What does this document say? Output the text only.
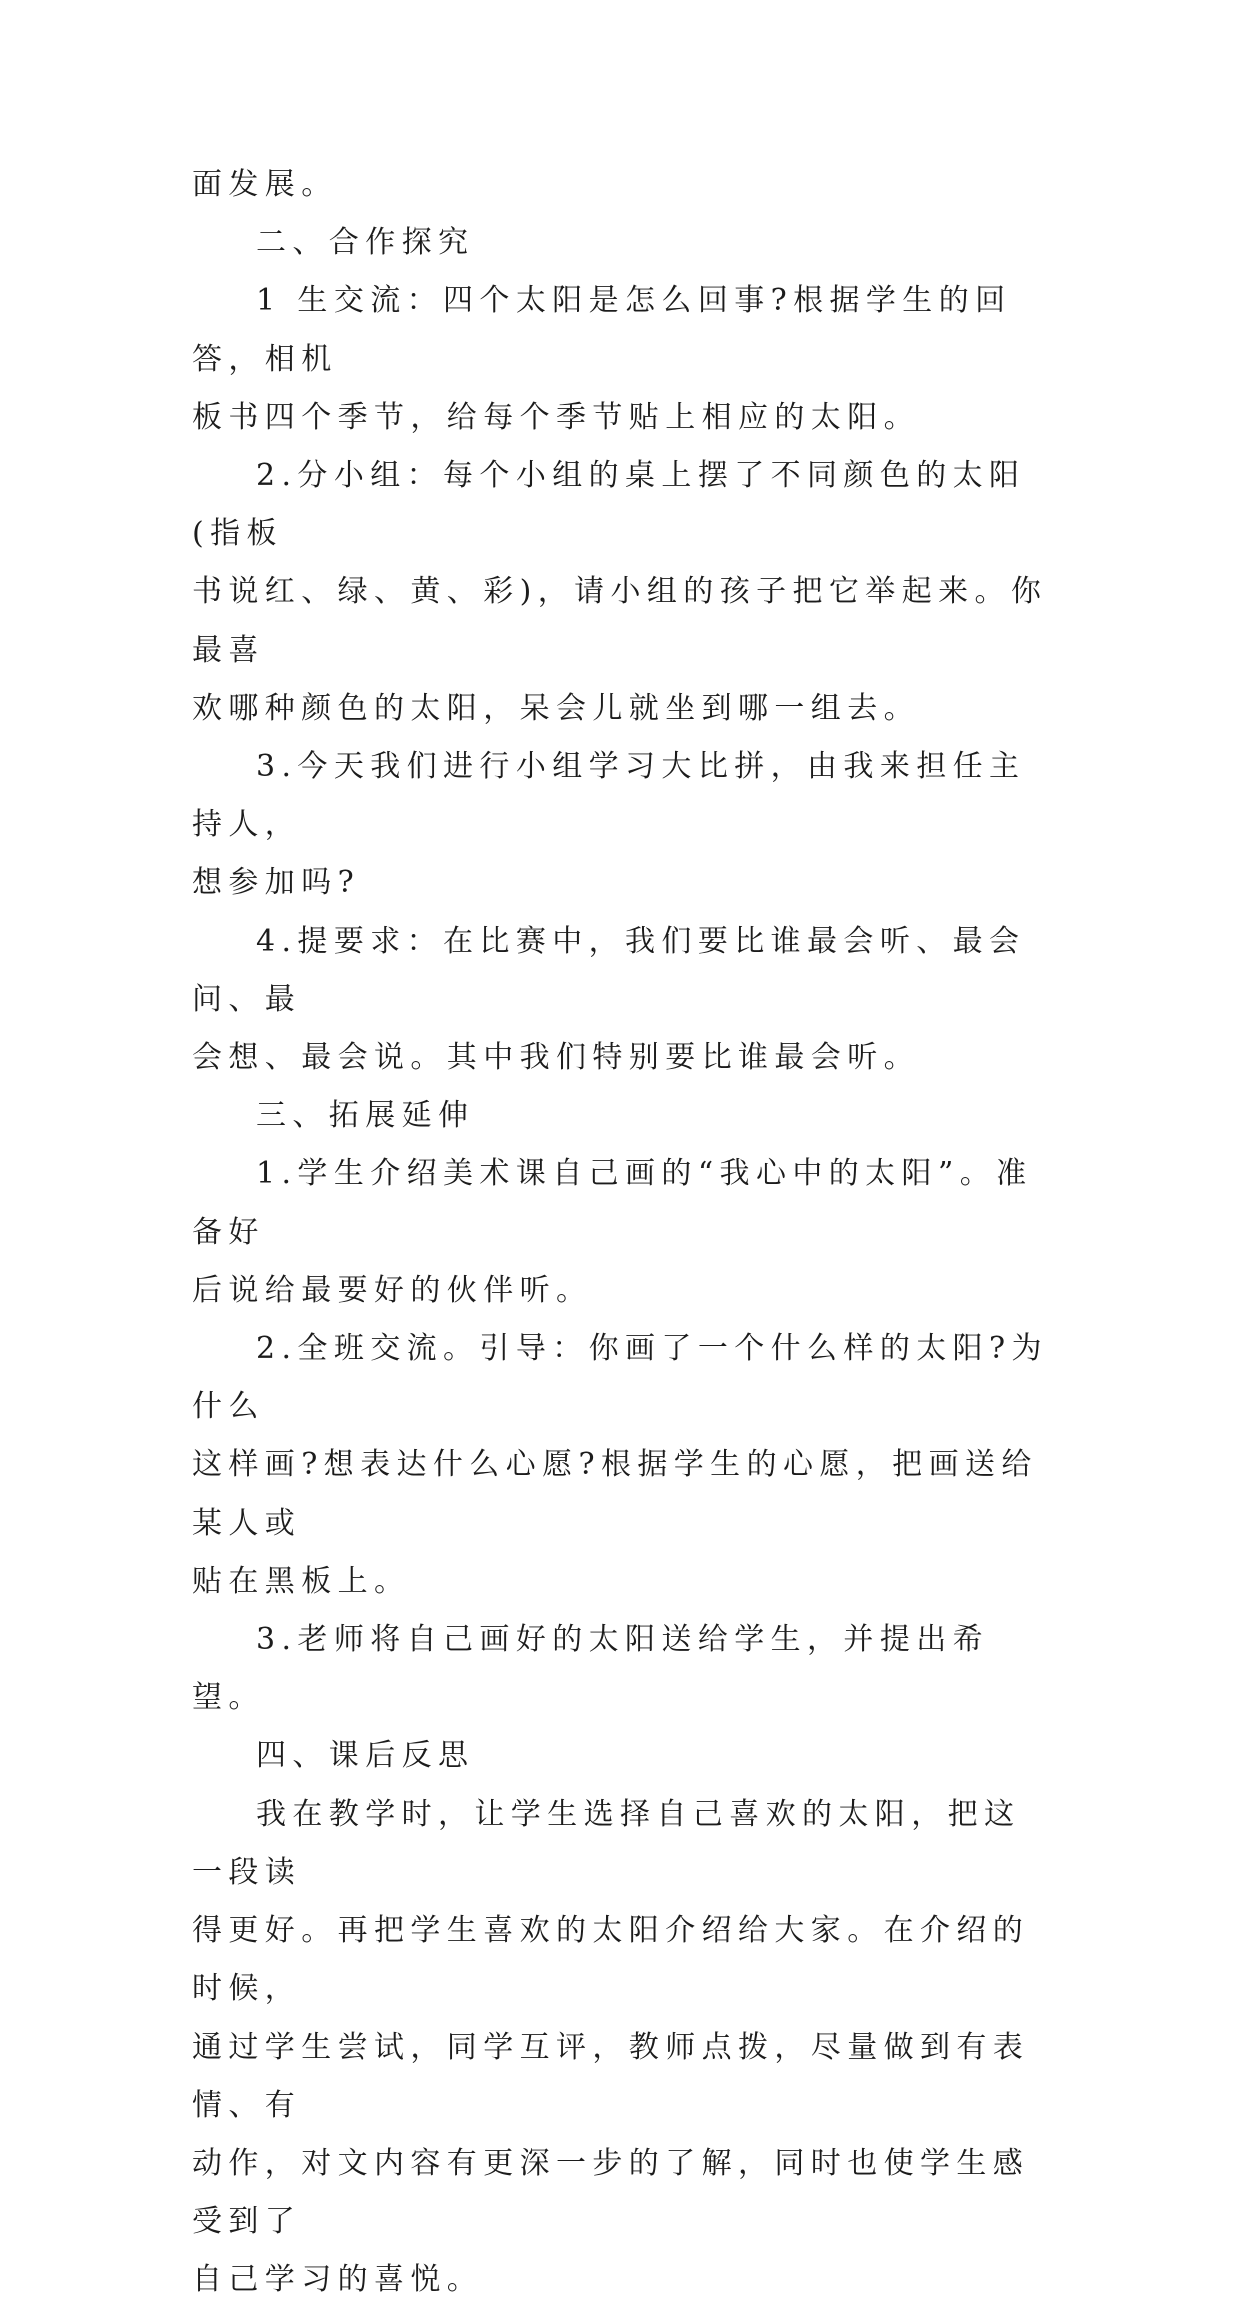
面发展。
二、合作探究
1 生交流：四个太阳是怎么回事?根据学生的回答，相机
板书四个季节，给每个季节贴上相应的太阳。
2.分小组：每个小组的桌上摆了不同颜色的太阳(指板
书说红、绿、黄、彩)，请小组的孩子把它举起来。你最喜
欢哪种颜色的太阳，呆会儿就坐到哪一组去。
3.今天我们进行小组学习大比拼，由我来担任主持人，
想参加吗?
4.提要求：在比赛中，我们要比谁最会听、最会问、最
会想、最会说。其中我们特别要比谁最会听。
三、拓展延伸
1.学生介绍美术课自己画的“我心中的太阳”。准备好
后说给最要好的伙伴听。
2.全班交流。引导：你画了一个什么样的太阳?为什么
这样画?想表达什么心愿?根据学生的心愿，把画送给某人或
贴在黑板上。
3.老师将自己画好的太阳送给学生，并提出希望。
四、课后反思
我在教学时，让学生选择自己喜欢的太阳，把这一段读
得更好。再把学生喜欢的太阳介绍给大家。在介绍的时候，
通过学生尝试，同学互评，教师点拨，尽量做到有表情、有
动作，对文内容有更深一步的了解，同时也使学生感受到了
自己学习的喜悦。
